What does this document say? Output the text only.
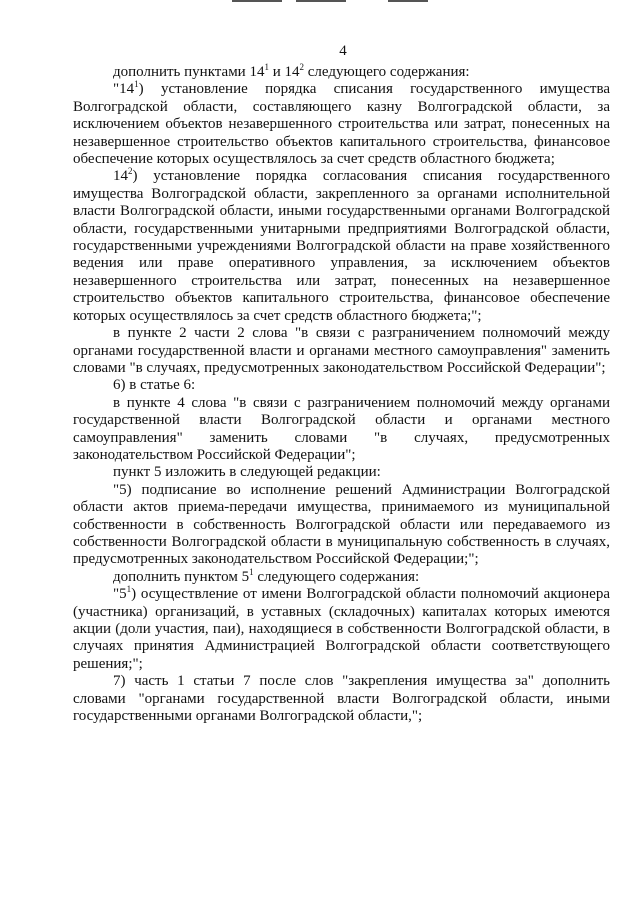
4

дополнить пунктами $14^1$ и $14^2$ следующего содержания:

"$14^1$) установление порядка списания государственного имущества Волгоградской области, составляющего казну Волгоградской области, за исключением объектов незавершенного строительства или затрат, понесенных на незавершенное строительство объектов капитального строительства, финансовое обеспечение которых осуществлялось за счет средств областного бюджета;

$14^2$) установление порядка согласования списания государственного имущества Волгоградской области, закрепленного за органами исполнительной власти Волгоградской области, иными государственными органами Волгоградской области, государственными унитарными предприятиями Волгоградской области, государственными учреждениями Волгоградской области на праве хозяйственного ведения или праве оперативного управления, за исключением объектов незавершенного строительства или затрат, понесенных на незавершенное строительство объектов капитального строительства, финансовое обеспечение которых осуществлялось за счет средств областного бюджета;";

в пункте 2 части 2 слова "в связи с разграничением полномочий между органами государственной власти и органами местного самоуправления" заменить словами "в случаях, предусмотренных законодательством Российской Федерации";

6) в статье 6:

в пункте 4 слова "в связи с разграничением полномочий между органами государственной власти Волгоградской области и органами местного самоуправления" заменить словами "в случаях, предусмотренных законодательством Российской Федерации";

пункт 5 изложить в следующей редакции:

"5) подписание во исполнение решений Администрации Волгоградской области актов приема-передачи имущества, принимаемого из муниципальной собственности в собственность Волгоградской области или передаваемого из собственности Волгоградской области в муниципальную собственность в случаях, предусмотренных законодательством Российской Федерации;";

дополнить пунктом $5^1$ следующего содержания:

"$5^1$) осуществление от имени Волгоградской области полномочий акционера (участника) организаций, в уставных (складочных) капиталах которых имеются акции (доли участия, паи), находящиеся в собственности Волгоградской области, в случаях принятия Администрацией Волгоградской области соответствующего решения;";

7) часть 1 статьи 7 после слов "закрепления имущества за" дополнить словами "органами государственной власти Волгоградской области, иными государственными органами Волгоградской области,";
